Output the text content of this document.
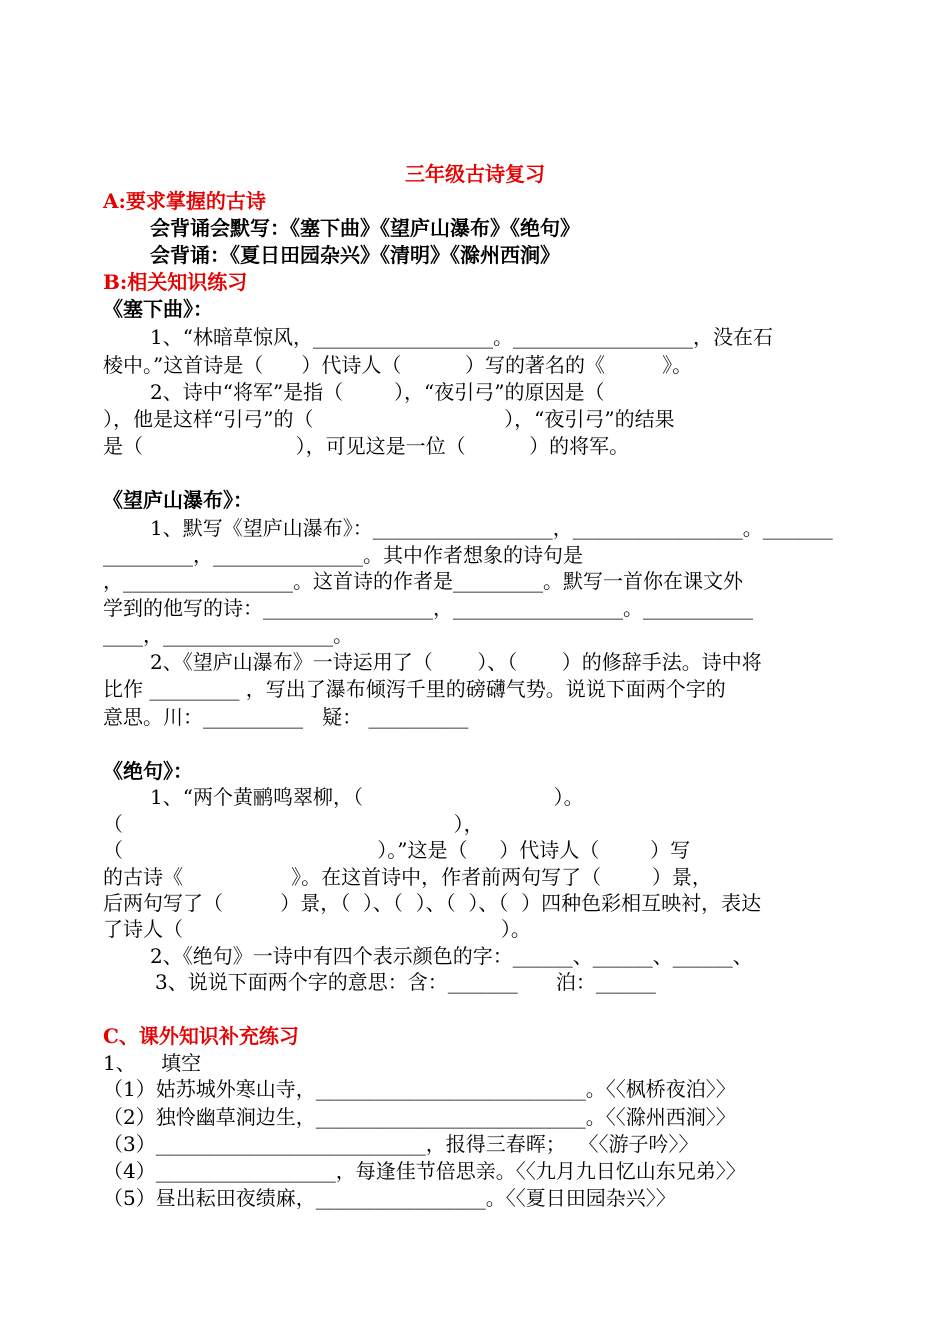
三年级古诗复习
A:要求掌握的古诗
会背诵会默写：《塞下曲》《望庐山瀑布》《绝句》
会背诵：《夏日田园杂兴》《清明》《滁州西涧》
B:相关知识练习
《塞下曲》：
1、“林暗草惊风，__________________。__________________，没在石
棱中。”这首诗是（      ）代诗人（          ）写的著名的《         》。
2、诗中“将军”是指（        ），“夜引弓”的原因是（
），他是这样“引弓”的（                              ），“夜引弓”的结果
是（                        ），可见这是一位（          ）的将军。
《望庐山瀑布》：
1、默写《望庐山瀑布》：__________________，_________________。_______
_________，_______________。其中作者想象的诗句是
，_________________。这首诗的作者是_________。默写一首你在课文外
学到的他写的诗：_________________，_________________。___________
____，_________________。
2、《望庐山瀑布》一诗运用了（       ）、（       ）的修辞手法。诗中将
比作 _________ ，写出了瀑布倾泻千里的磅礴气势。说说下面两个字的
意思。川：__________   疑： __________
《绝句》：
1、“两个黄鹂鸣翠柳，（                              ）。
（                                                    ），
（                                        ）。”这是（     ）代诗人（        ）写
的古诗《                 》。在这首诗中，作者前两句写了（        ）景，
后两句写了（         ）景，（  ）、（  ）、（  ）、（  ）四种色彩相互映衬，表达
了诗人（                                                  ）。
2、《绝句》一诗中有四个表示颜色的字：______、______、______、
3、说说下面两个字的意思：含：_______      泊：______
C、课外知识补充练习
1、    填空
（1）姑苏城外寒山寺，___________________________。〈〈枫桥夜泊〉〉
（2）独怜幽草涧边生，___________________________。〈〈滁州西涧〉〉
（3）___________________________，报得三春晖；  〈〈游子吟〉〉
（4）__________________，每逢佳节倍思亲。〈〈九月九日忆山东兄弟〉〉
（5）昼出耘田夜绩麻，_________________。〈〈夏日田园杂兴〉〉
